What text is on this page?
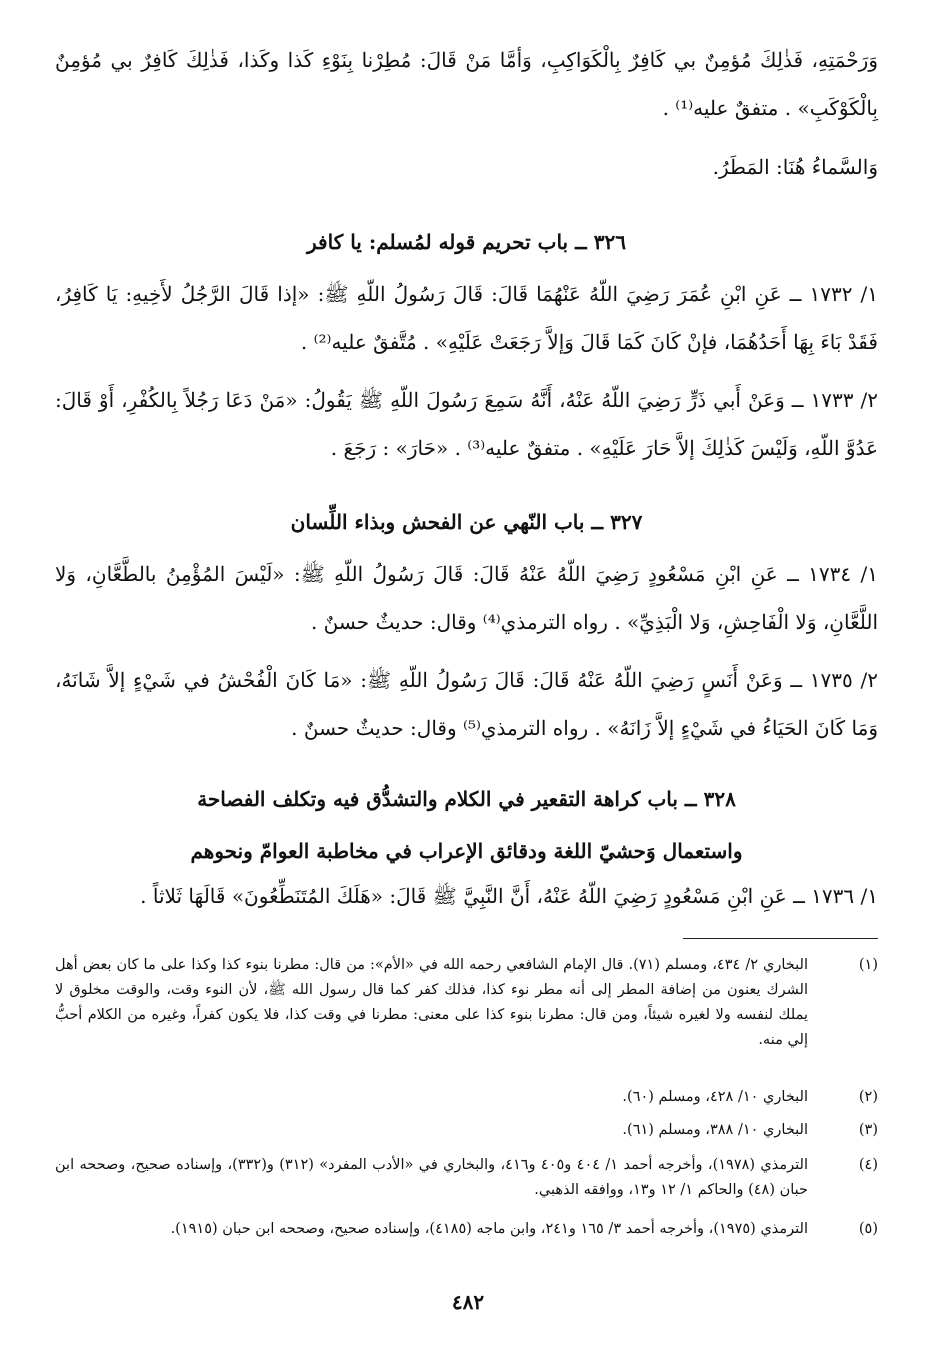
وَرَحْمَتِهِ، فَذٰلِكَ مُؤمِنٌ بي كَافِرٌ بِالْكَوَاكِبِ، وَأمَّا مَنْ قَالَ: مُطِرْنا بِنَوْءِ كَذا وكَذا، فَذٰلِكَ كَافِرٌ بي مُؤمِنٌ بِالْكَوْكَبِ» . متفقٌ عليه⁽¹⁾ .
وَالسَّماءُ هُنَا: المَطَرُ.
٣٢٦ ــ باب تحريم قوله لمُسلم: يا كافر
١/ ١٧٣٢ ــ عَنِ ابْنِ عُمَرَ رَضِيَ اللّهُ عَنْهُمَا قَالَ: قَالَ رَسُولُ اللّهِ ﷺ: «إذا قَالَ الرَّجُلُ لأَخِيهِ: يَا كَافِرُ، فَقَدْ بَاءَ بِهَا أَحَدُهُمَا، فإنْ كَانَ كَمَا قَالَ وَإلاَّ رَجَعَتْ عَلَيْهِ» . مُتَّفقٌ عليه⁽²⁾ .
٢/ ١٧٣٣ ــ وَعَنْ أَبي ذَرٍّ رَضِيَ اللّهُ عَنْهُ، أَنَّهُ سَمِعَ رَسُولَ اللّهِ ﷺ يَقُولُ: «مَنْ دَعَا رَجُلاً بِالكُفْرِ، أَوْ قَالَ: عَدُوَّ اللّهِ، وَلَيْسَ كَذٰلِكَ إلاَّ حَارَ عَلَيْهِ» . متفقٌ عليه⁽³⁾ . «حَارَ» : رَجَعَ .
٣٢٧ ــ باب النّهي عن الفحش وبذاء اللِّسان
١/ ١٧٣٤ ــ عَنِ ابْنِ مَسْعُودٍ رَضِيَ اللّهُ عَنْهُ قَالَ: قَالَ رَسُولُ اللّهِ ﷺ: «لَيْسَ المُؤْمِنُ بالطَّعَّانِ، وَلا اللَّعَّانِ، وَلا الْفَاحِشِ، وَلا الْبَذِيِّ» . رواه الترمذي⁽⁴⁾ وقال: حديثٌ حسنٌ .
٢/ ١٧٣٥ ــ وَعَنْ أَنَسٍ رَضِيَ اللّهُ عَنْهُ قَالَ: قَالَ رَسُولُ اللّهِ ﷺ: «مَا كَانَ الْفُحْشُ في شَيْءٍ إلاَّ شَانَهُ، وَمَا كَانَ الحَيَاءُ في شَيْءٍ إلاَّ زَانَهُ» . رواه الترمذي⁽⁵⁾ وقال: حديثٌ حسنٌ .
٣٢٨ ــ باب كراهة التقعير في الكلام والتشدُّق فيه وتكلف الفصاحة
واستعمال وَحشيّ اللغة ودقائق الإعراب في مخاطبة العوامّ ونحوهم
١/ ١٧٣٦ ــ عَنِ ابْنِ مَسْعُودٍ رَضِيَ اللّهُ عَنْهُ، أَنَّ النَّبِيَّ ﷺ قَالَ: «هَلَكَ المُتَنَطِّعُونَ» قَالَهَا ثَلاثاً .
(١)
البخاري ٢/ ٤٣٤، ومسلم (٧١). قال الإمام الشافعي رحمه الله في «الأم»: من قال: مطرنا بنوء كذا وكذا على ما كان بعض أهل الشرك يعنون من إضافة المطر إلى أنه مطر نوء كذا، فذلك كفر كما قال رسول الله ﷺ، لأن النوء وقت، والوقت مخلوق لا يملك لنفسه ولا لغيره شيئاً، ومن قال: مطرنا بنوء كذا على معنى: مطرنا في وقت كذا، فلا يكون كفراً، وغيره من الكلام أحبُّ إلي منه.
(٢)
البخاري ١٠/ ٤٢٨، ومسلم (٦٠).
(٣)
البخاري ١٠/ ٣٨٨، ومسلم (٦١).
(٤)
الترمذي (١٩٧٨)، وأخرجه أحمد ١/ ٤٠٤ و٤٠٥ و٤١٦، والبخاري في «الأدب المفرد» (٣١٢) و(٣٣٢)، وإسناده صحيح، وصححه ابن حبان (٤٨) والحاكم ١/ ١٢ و١٣، ووافقه الذهبي.
(٥)
الترمذي (١٩٧٥)، وأخرجه أحمد ٣/ ١٦٥ و٢٤١، وابن ماجه (٤١٨٥)، وإسناده صحيح، وصححه ابن حبان (١٩١٥).
٤٨٢
